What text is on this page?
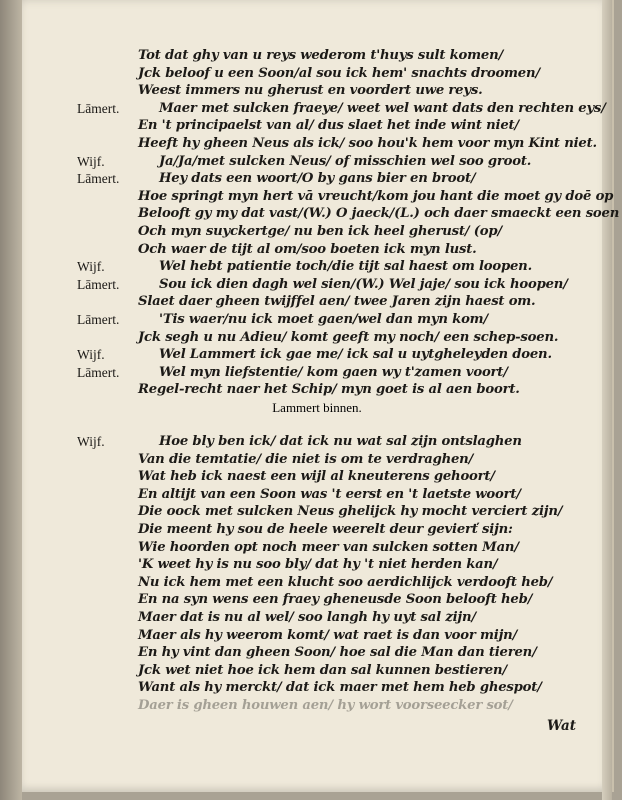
Tot dat ghy van u reys wederom t'huys sult komen/
Jck beloof u een Soon/al sou ick hem' snachts droomen/
Weest immers nu gherust en voordert uwe reys.
Lāmert.	Maer met sulcken fraeye/ weet wel want dats den rechten eys/
En 't principaelst van al/ dus slaet het inde wint niet/
Heeft hy gheen Neus als ick/ soo hou'k hem voor myn Kint niet.
Wijf.	Ja/Ja/met sulcken Neus/ of misschien wel soo groot.
Lāmert.	Hey dats een woort/O by gans bier en broot/
Hoe springt myn hert vā vreucht/kom jou hant die moet gy doē op
Belooft gy my dat vast/(W.) O jaeck/(L.) och daer smaeckt een soen
Och myn suyckertge/ nu ben ick heel gherust/ (op/
Och waer de tijt al om/soo boeten ick myn lust.
Wijf.	Wel hebt patientie toch/die tijt sal haest om loopen.
Lāmert.	Sou ick dien dagh wel sien/(W.) Wel jaje/ sou ick hoopen/
Slaet daer gheen twijffel aen/ twee Jaren zijn haest om.
Lāmert.	'Tis waer/nu ick moet gaen/wel dan myn kom/
Jck segh u nu Adieu/ komt geeft my noch/ een schep-soen.
Wijf.	Wel Lammert ick gae me/ ick sal u uytgheleyden doen.
Lāmert.	Wel myn liefstentie/ kom gaen wy t'zamen voort/
Regel-recht naer het Schip/ myn goet is al aen boort.
Lammert binnen.
Wijf.	Hoe bly ben ick/ dat ick nu wat sal zijn ontslaghen
Van die temtatie/ die niet is om te verdraghen/
Wat heb ick naest een wijl al kneuterens gehoort/
En altijt van een Soon was 't eerst en 't laetste woort/
Die oock met sulcken Neus ghelijck hy mocht verciert zijn/
Die meent hy sou de heele weerelt deur gevierť sijn:
Wie hoorden opt noch meer van sulcken sotten Man/
'K weet hy is nu soo bly/ dat hy 't niet herden kan/
Nu ick hem met een klucht soo aerdichlijck verdooft heb/
En na syn wens een fraey gheneusde Soon belooft heb/
Maer dat is nu al wel/ soo langh hy uyt sal zijn/
Maer als hy weerom komt/ wat raet is dan voor mijn/
En hy vint dan gheen Soon/ hoe sal die Man dan tieren/
Jck wet niet hoe ick hem dan sal kunnen bestieren/
Want als hy merckt/ dat ick maer met hem heb ghespot/
Daer is gheen houwen aen/ hy wort voorseecker sot/
Wat
